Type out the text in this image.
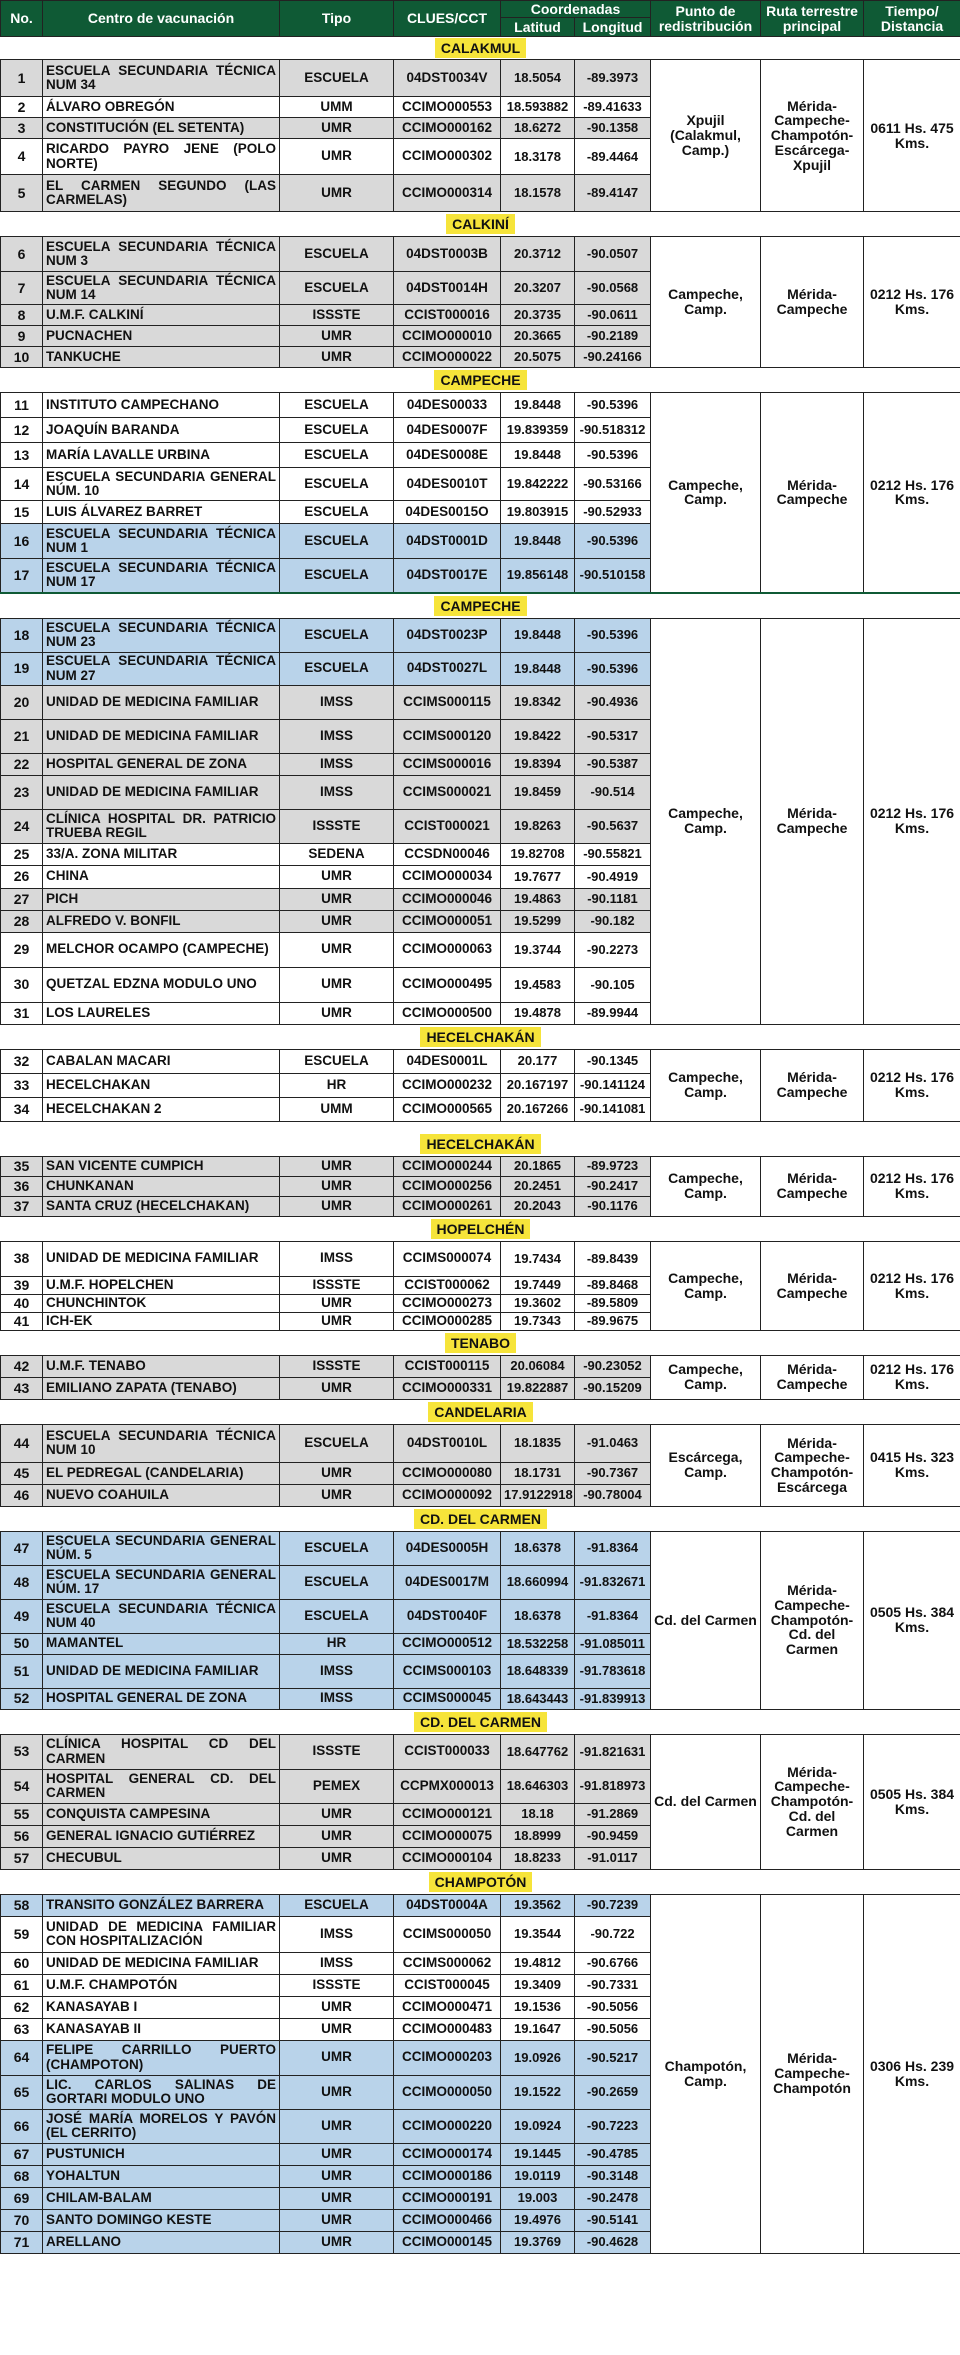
No.	Centro de vacunación	Tipo	CLUES/CCT	Coordenadas		Punto de redistribución	Ruta terrestre principal	Tiempo/ Distancia
				Latitud	Longitud			
CALAKMUL								
1	ESCUELA SECUNDARIA TÉCNICA NUM 34	ESCUELA	04DST0034V	18.5054	-89.3973	Xpujil (Calakmul, Camp.)	Mérida-Campeche-Champotón-Escárcega-Xpujil	0611 Hs. 475 Kms.
2	ÁLVARO OBREGÓN	UMM	CCIMO000553	18.593882	-89.41633			
3	CONSTITUCIÓN (EL SETENTA)	UMR	CCIMO000162	18.6272	-90.1358			
4	RICARDO PAYRO JENE (POLO NORTE)	UMR	CCIMO000302	18.3178	-89.4464			
5	EL CARMEN SEGUNDO (LAS CARMELAS)	UMR	CCIMO000314	18.1578	-89.4147			
CALKINÍ								
6	ESCUELA SECUNDARIA TÉCNICA NUM 3	ESCUELA	04DST0003B	20.3712	-90.0507	Campeche, Camp.	Mérida-Campeche	0212 Hs. 176 Kms.
7	ESCUELA SECUNDARIA TÉCNICA NUM 14	ESCUELA	04DST0014H	20.3207	-90.0568			
8	U.M.F. CALKINÍ	ISSSTE	CCIST000016	20.3735	-90.0611			
9	PUCNACHEN	UMR	CCIMO000010	20.3665	-90.2189			
10	TANKUCHE	UMR	CCIMO000022	20.5075	-90.24166			
CAMPECHE								
11	INSTITUTO CAMPECHANO	ESCUELA	04DES00033	19.8448	-90.5396	Campeche, Camp.	Mérida-Campeche	0212 Hs. 176 Kms.
12	JOAQUÍN BARANDA	ESCUELA	04DES0007F	19.839359	-90.518312			
13	MARÍA LAVALLE URBINA	ESCUELA	04DES0008E	19.8448	-90.5396			
14	ESCUELA SECUNDARIA GENERAL NÚM. 10	ESCUELA	04DES0010T	19.842222	-90.53166			
15	LUIS ÁLVAREZ BARRET	ESCUELA	04DES0015O	19.803915	-90.52933			
16	ESCUELA SECUNDARIA TÉCNICA NUM 1	ESCUELA	04DST0001D	19.8448	-90.5396			
17	ESCUELA SECUNDARIA TÉCNICA NUM 17	ESCUELA	04DST0017E	19.856148	-90.510158			
CAMPECHE								
18	ESCUELA SECUNDARIA TÉCNICA NUM 23	ESCUELA	04DST0023P	19.8448	-90.5396	Campeche, Camp.	Mérida-Campeche	0212 Hs. 176 Kms.
19	ESCUELA SECUNDARIA TÉCNICA NUM 27	ESCUELA	04DST0027L	19.8448	-90.5396			
20	UNIDAD DE MEDICINA FAMILIAR	IMSS	CCIMS000115	19.8342	-90.4936			
21	UNIDAD DE MEDICINA FAMILIAR	IMSS	CCIMS000120	19.8422	-90.5317			
22	HOSPITAL GENERAL DE ZONA	IMSS	CCIMS000016	19.8394	-90.5387			
23	UNIDAD DE MEDICINA FAMILIAR	IMSS	CCIMS000021	19.8459	-90.514			
24	CLÍNICA HOSPITAL DR. PATRICIO TRUEBA REGIL	ISSSTE	CCIST000021	19.8263	-90.5637			
25	33/A. ZONA MILITAR	SEDENA	CCSDN00046	19.82708	-90.55821			
26	CHINA	UMR	CCIMO000034	19.7677	-90.4919			
27	PICH	UMR	CCIMO000046	19.4863	-90.1181			
28	ALFREDO V. BONFIL	UMR	CCIMO000051	19.5299	-90.182			
29	MELCHOR OCAMPO (CAMPECHE)	UMR	CCIMO000063	19.3744	-90.2273			
30	QUETZAL EDZNA MODULO UNO	UMR	CCIMO000495	19.4583	-90.105			
31	LOS LAURELES	UMR	CCIMO000500	19.4878	-89.9944			
HECELCHAKÁN								
32	CABALAN MACARI	ESCUELA	04DES0001L	20.177	-90.1345	Campeche, Camp.	Mérida-Campeche	0212 Hs. 176 Kms.
33	HECELCHAKAN	HR	CCIMO000232	20.167197	-90.141124			
34	HECELCHAKAN 2	UMM	CCIMO000565	20.167266	-90.141081			

HECELCHAKÁN								
35	SAN VICENTE CUMPICH	UMR	CCIMO000244	20.1865	-89.9723	Campeche, Camp.	Mérida-Campeche	0212 Hs. 176 Kms.
36	CHUNKANAN	UMR	CCIMO000256	20.2451	-90.2417			
37	SANTA CRUZ (HECELCHAKAN)	UMR	CCIMO000261	20.2043	-90.1176			
HOPELCHÉN								
38	UNIDAD DE MEDICINA FAMILIAR	IMSS	CCIMS000074	19.7434	-89.8439	Campeche, Camp.	Mérida-Campeche	0212 Hs. 176 Kms.
39	U.M.F. HOPELCHEN	ISSSTE	CCIST000062	19.7449	-89.8468			
40	CHUNCHINTOK	UMR	CCIMO000273	19.3602	-89.5809			
41	ICH-EK	UMR	CCIMO000285	19.7343	-89.9675			
TENABO								
42	U.M.F. TENABO	ISSSTE	CCIST000115	20.06084	-90.23052	Campeche, Camp.	Mérida-Campeche	0212 Hs. 176 Kms.
43	EMILIANO ZAPATA (TENABO)	UMR	CCIMO000331	19.822887	-90.15209			
CANDELARIA								
44	ESCUELA SECUNDARIA TÉCNICA NUM 10	ESCUELA	04DST0010L	18.1835	-91.0463	Escárcega, Camp.	Mérida-Campeche-Champotón-Escárcega	0415 Hs. 323 Kms.
45	EL PEDREGAL (CANDELARIA)	UMR	CCIMO000080	18.1731	-90.7367			
46	NUEVO COAHUILA	UMR	CCIMO000092	17.9122918	-90.78004			
CD. DEL CARMEN								
47	ESCUELA SECUNDARIA GENERAL NÚM. 5	ESCUELA	04DES0005H	18.6378	-91.8364	Cd. del Carmen	Mérida-Campeche-Champotón-Cd. del Carmen	0505 Hs. 384 Kms.
48	ESCUELA SECUNDARIA GENERAL NÚM. 17	ESCUELA	04DES0017M	18.660994	-91.832671			
49	ESCUELA SECUNDARIA TÉCNICA NUM 40	ESCUELA	04DST0040F	18.6378	-91.8364			
50	MAMANTEL	HR	CCIMO000512	18.532258	-91.085011			
51	UNIDAD DE MEDICINA FAMILIAR	IMSS	CCIMS000103	18.648339	-91.783618			
52	HOSPITAL GENERAL DE ZONA	IMSS	CCIMS000045	18.643443	-91.839913			
CD. DEL CARMEN								
53	CLÍNICA HOSPITAL CD DEL CARMEN	ISSSTE	CCIST000033	18.647762	-91.821631	Cd. del Carmen	Mérida-Campeche-Champotón-Cd. del Carmen	0505 Hs. 384 Kms.
54	HOSPITAL GENERAL CD. DEL CARMEN	PEMEX	CCPMX000013	18.646303	-91.818973			
55	CONQUISTA CAMPESINA	UMR	CCIMO000121	18.18	-91.2869			
56	GENERAL IGNACIO GUTIÉRREZ	UMR	CCIMO000075	18.8999	-90.9459			
57	CHECUBUL	UMR	CCIMO000104	18.8233	-91.0117			
CHAMPOTÓN								
58	TRANSITO GONZÁLEZ BARRERA	ESCUELA	04DST0004A	19.3562	-90.7239	Champotón, Camp.	Mérida-Campeche-Champotón	0306 Hs. 239 Kms.
59	UNIDAD DE MEDICINA FAMILIAR CON HOSPITALIZACIÓN	IMSS	CCIMS000050	19.3544	-90.722			
60	UNIDAD DE MEDICINA FAMILIAR	IMSS	CCIMS000062	19.4812	-90.6766			
61	U.M.F. CHAMPOTÓN	ISSSTE	CCIST000045	19.3409	-90.7331			
62	KANASAYAB I	UMR	CCIMO000471	19.1536	-90.5056			
63	KANASAYAB II	UMR	CCIMO000483	19.1647	-90.5056			
64	FELIPE CARRILLO PUERTO (CHAMPOTON)	UMR	CCIMO000203	19.0926	-90.5217			
65	LIC. CARLOS SALINAS DE GORTARI MODULO UNO	UMR	CCIMO000050	19.1522	-90.2659			
66	JOSÉ MARÍA MORELOS Y PAVÓN (EL CERRITO)	UMR	CCIMO000220	19.0924	-90.7223			
67	PUSTUNICH	UMR	CCIMO000174	19.1445	-90.4785			
68	YOHALTUN	UMR	CCIMO000186	19.0119	-90.3148			
69	CHILAM-BALAM	UMR	CCIMO000191	19.003	-90.2478			
70	SANTO DOMINGO KESTE	UMR	CCIMO000466	19.4976	-90.5141			
71	ARELLANO	UMR	CCIMO000145	19.3769	-90.4628			
